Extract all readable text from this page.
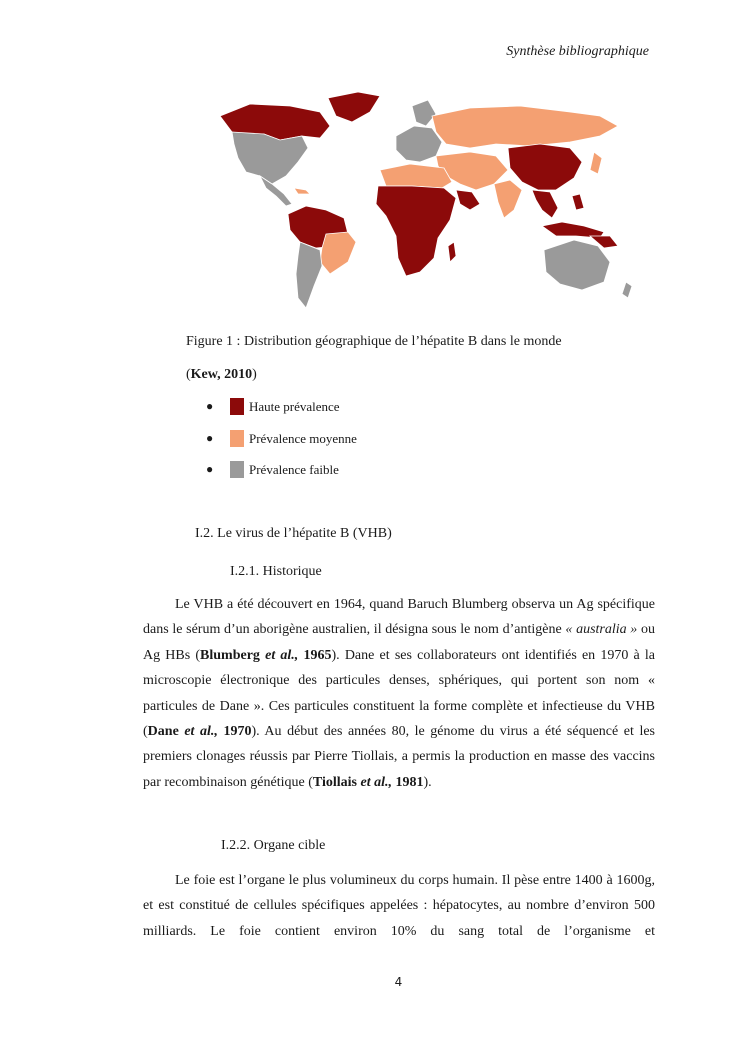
Synthèse bibliographique
Figure 1 : Distribution géographique de l’hépatite B dans le monde
(Kew, 2010)
●	Haute prévalence
●	Prévalence moyenne
●	Prévalence faible
I.2. Le virus de l’hépatite B (VHB)
I.2.1. Historique

Le VHB a été découvert en 1964, quand Baruch Blumberg observa un Ag spécifique dans le sérum d’un aborigène australien, il désigna sous le nom d’antigène « australia » ou Ag HBs (Blumberg et al., 1965). Dane et ses collaborateurs ont identifiés en 1970 à la microscopie électronique des particules denses, sphériques, qui portent son nom « particules de Dane ». Ces particules constituent la forme complète et infectieuse du VHB (Dane et al., 1970). Au début des années 80, le génome du virus a été séquencé et les premiers clonages réussis par Pierre Tiollais, a permis la production en masse des vaccins par recombinaison génétique (Tiollais et al., 1981).

I.2.2. Organe cible

Le foie est l’organe le plus volumineux du corps humain. Il pèse entre 1400 à 1600g, et est constitué de cellules spécifiques appelées : hépatocytes, au nombre d’environ 500 milliards. Le foie contient environ 10% du sang total de l’organisme et

4
